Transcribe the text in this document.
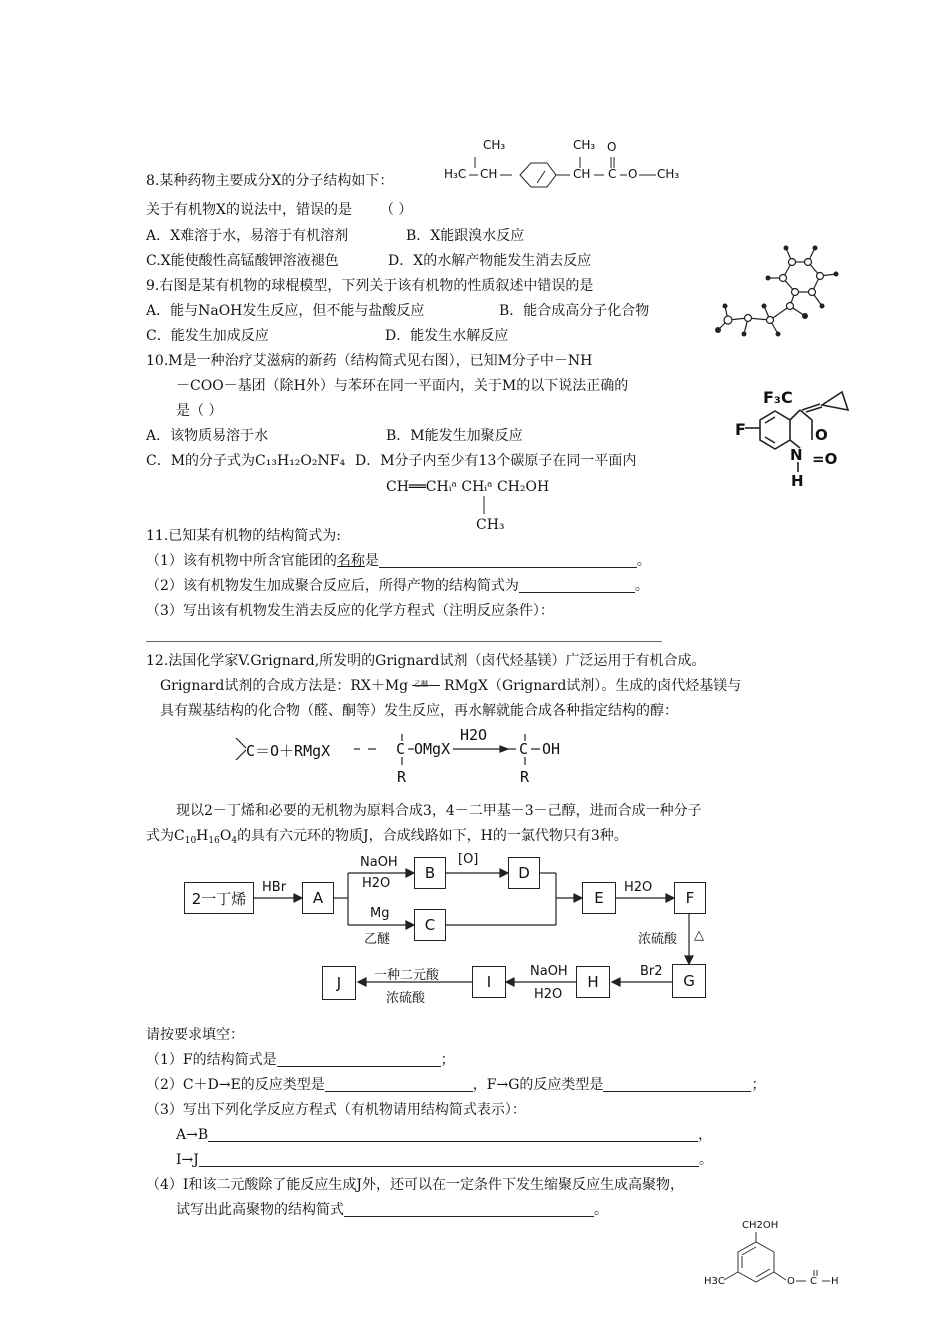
8.某种药物主要成分X的分子结构如下：
CH₃
H₃C CH
CH₃
CH
O
C O CH₃
关于有机物X的说法中，错误的是 （ ）
A．X难溶于水，易溶于有机溶剂	B．X能跟溴水反应
C.X能使酸性高锰酸钾溶液褪色	D．X的水解产物能发生消去反应
9.右图是某有机物的球棍模型，下列关于该有机物的性质叙述中错误的是
A．能与NaOH发生反应，但不能与盐酸反应	B．能合成高分子化合物
C．能发生加成反应	D．能发生水解反应
10.M是一种治疗艾滋病的新药（结构简式见右图），已知M分子中－NH
－COO－基团（除H外）与苯环在同一平面内，关于M的以下说法正确的
是（ ）
A．该物质易溶于水	B．M能发生加聚反应
C．M的分子式为C₁₃H₁₂O₂NF₄ D．M分子内至少有13个碳原子在同一平面内
F₃C
F	O
N =O
H
CH══CHᵢᵃ CHᵢᵃ CH₂OH
CH₃
11.已知某有机物的结构简式为:
（1）该有机物中所含官能团的名称是	。
（2）该有机物发生加成聚合反应后，所得产物的结构简式为	。
（3）写出该有机物发生消去反应的化学方程式（注明反应条件）：
12.法国化学家V.Grignard,所发明的Grignard试剂（卤代烃基镁）广泛运用于有机合成。
Grignard试剂的合成方法是：RX＋Mg 乙醚 RMgX（Grignard试剂）。生成的卤代烃基镁与
具有羰基结构的化合物（醛、酮等）发生反应，再水解就能合成各种指定结构的醇：
C＝O＋RMgX	C OMgX
H2O
C OH
R	R
现以2－丁烯和必要的无机物为原料合成3，4－二甲基－3－己醇，进而合成一种分子
式为$C_{10}H_{16}O_4$的具有六元环的物质J，合成线路如下，H的一氯代物只有3种。
2一丁烯	A
B	D
C
E	F
G
H
I
J
HBr
NaOH
H2O
[O]
Mg
乙醚
H2O
浓硫酸 △
Br2
NaOH
H2O
一种二元酸
浓硫酸
请按要求填空：
（1）F的结构简式是	；
（2）C＋D→E的反应类型是	，F→G的反应类型是	；
（3）写出下列化学反应方程式（有机物请用结构简式表示）：
A→B	，
I→J	。
（4）I和该二元酸除了能反应生成J外，还可以在一定条件下发生缩聚反应生成高聚物，
试写出此高聚物的结构简式	。
CH2OH
H3C	O C H
